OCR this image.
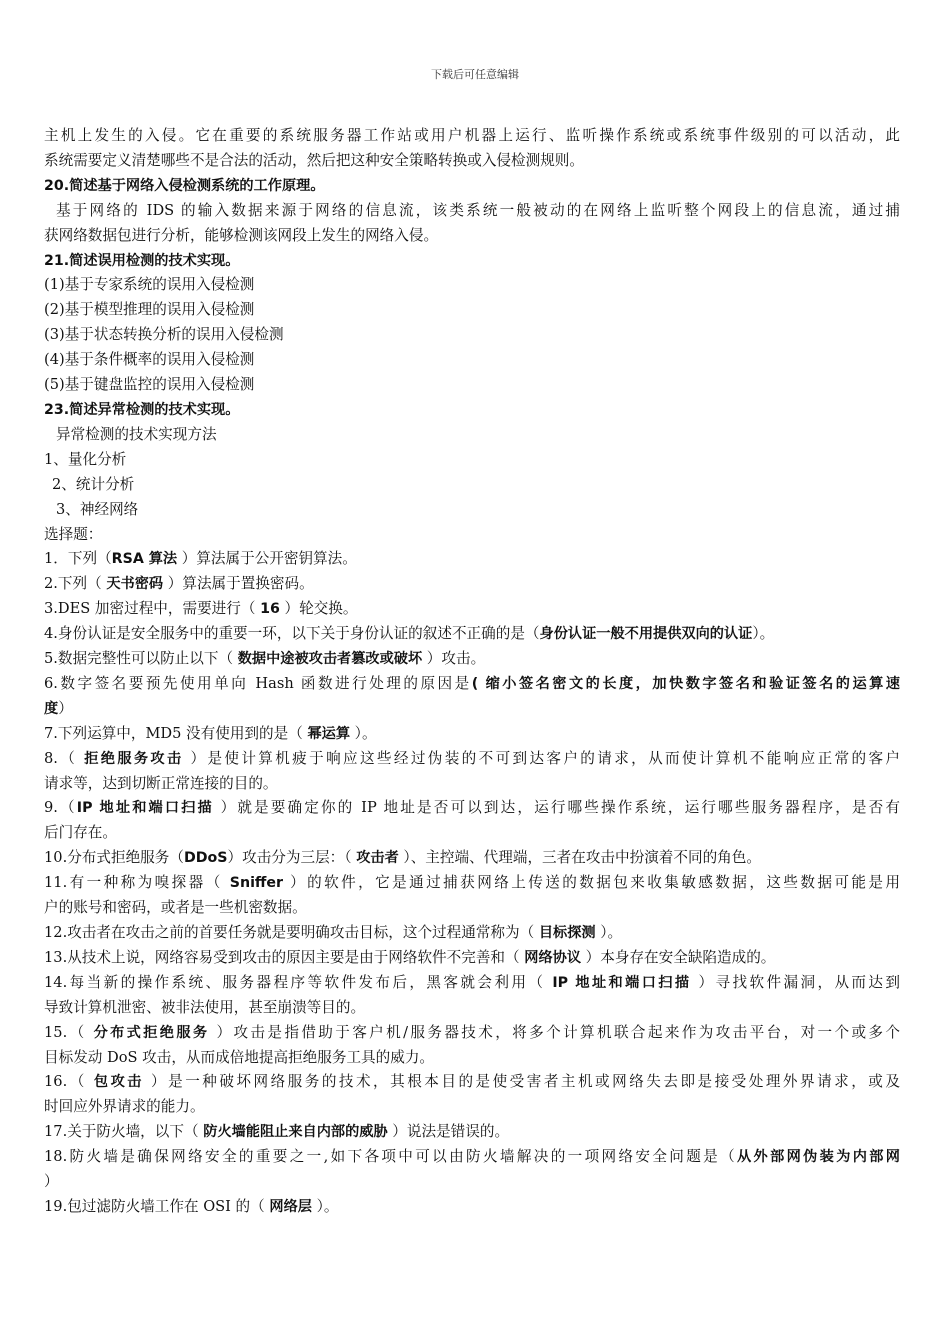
下载后可任意编辑
主机上发生的入侵。它在重要的系统服务器工作站或用户机器上运行、监听操作系统或系统事件级别的可以活动，此
系统需要定义清楚哪些不是合法的活动，然后把这种安全策略转换或入侵检测规则。
20.简述基于网络入侵检测系统的工作原理。
基于网络的 IDS 的输入数据来源于网络的信息流，该类系统一般被动的在网络上监听整个网段上的信息流，通过捕
获网络数据包进行分析，能够检测该网段上发生的网络入侵。
21.简述误用检测的技术实现。
(1)基于专家系统的误用入侵检测
(2)基于模型推理的误用入侵检测
(3)基于状态转换分析的误用入侵检测
(4)基于条件概率的误用入侵检测
(5)基于键盘监控的误用入侵检测
23.简述异常检测的技术实现。
异常检测的技术实现方法
1、量化分析
2、统计分析
3、神经网络
选择题：
1．下列（RSA 算法 ）算法属于公开密钥算法。
2.下列（ 天书密码 ）算法属于置换密码。
3.DES 加密过程中，需要进行（ 16 ）轮交换。
4.身份认证是安全服务中的重要一环，以下关于身份认证的叙述不正确的是（身份认证一般不用提供双向的认证）。
5.数据完整性可以防止以下（ 数据中途被攻击者篡改或破坏 ）攻击。
6.数字签名要预先使用单向 Hash 函数进行处理的原因是( 缩小签名密文的长度，加快数字签名和验证签名的运算速
度）
7.下列运算中，MD5 没有使用到的是（ 幂运算 ）。
8.（ 拒绝服务攻击 ）是使计算机疲于响应这些经过伪装的不可到达客户的请求，从而使计算机不能响应正常的客户
请求等，达到切断正常连接的目的。
9.（IP 地址和端口扫描 ）就是要确定你的 IP 地址是否可以到达，运行哪些操作系统，运行哪些服务器程序，是否有
后门存在。
10.分布式拒绝服务（DDoS）攻击分为三层：（ 攻击者 ）、主控端、代理端，三者在攻击中扮演着不同的角色。
11.有一种称为嗅探器（ Sniffer ）的软件，它是通过捕获网络上传送的数据包来收集敏感数据，这些数据可能是用
户的账号和密码，或者是一些机密数据。
12.攻击者在攻击之前的首要任务就是要明确攻击目标，这个过程通常称为（ 目标探测 ）。
13.从技术上说，网络容易受到攻击的原因主要是由于网络软件不完善和（ 网络协议 ）本身存在安全缺陷造成的。
14.每当新的操作系统、服务器程序等软件发布后，黑客就会利用（ IP 地址和端口扫描 ）寻找软件漏洞，从而达到
导致计算机泄密、被非法使用，甚至崩溃等目的。
15.（ 分布式拒绝服务 ）攻击是指借助于客户机/服务器技术，将多个计算机联合起来作为攻击平台，对一个或多个
目标发动 DoS 攻击，从而成倍地提高拒绝服务工具的威力。
16.（ 包攻击 ）是一种破坏网络服务的技术，其根本目的是使受害者主机或网络失去即是接受处理外界请求，或及
时回应外界请求的能力。
17.关于防火墙，以下（ 防火墙能阻止来自内部的威胁 ）说法是错误的。
18.防火墙是确保网络安全的重要之一,如下各项中可以由防火墙解决的一项网络安全问题是（从外部网伪装为内部网
）
19.包过滤防火墙工作在 OSI 的（ 网络层 ）。
